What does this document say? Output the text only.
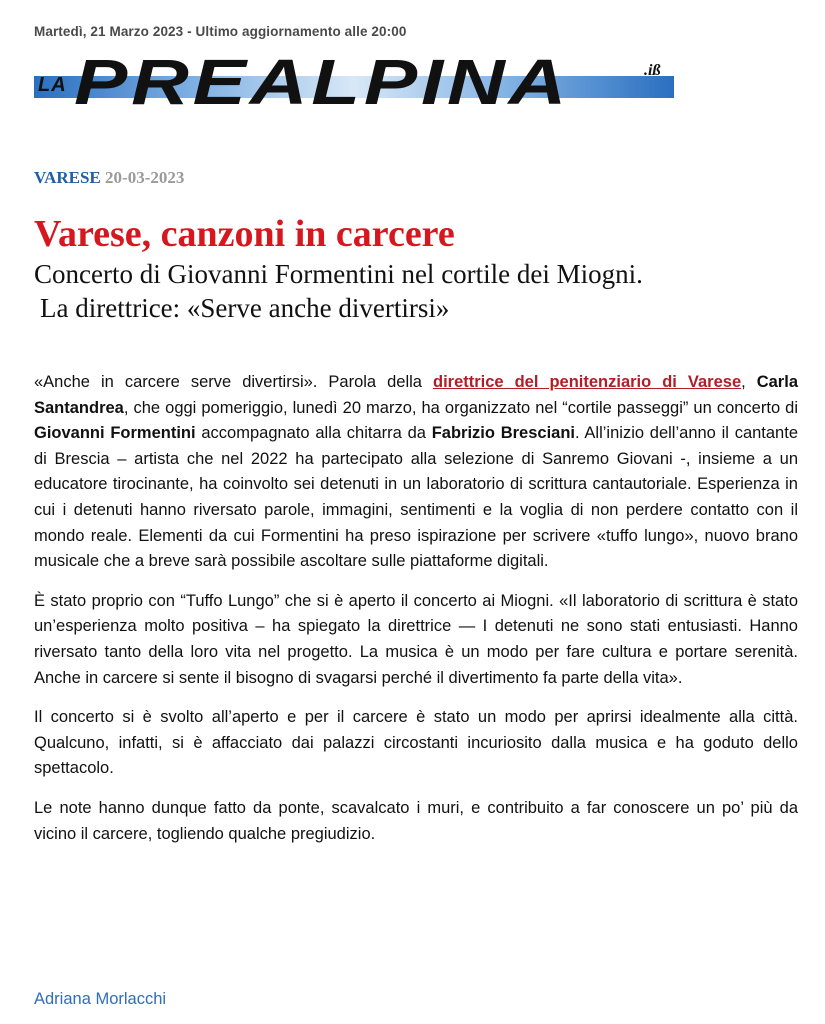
Martedì, 21 Marzo 2023 - Ultimo aggiornamento alle 20:00
LA PREALPINA	.iß
VARESE 20-03-2023
Varese, canzoni in carcere
Concerto di Giovanni Formentini nel cortile dei Miogni.
La direttrice: «Serve anche divertirsi»

«Anche in carcere serve divertirsi». Parola della direttrice del penitenziario di Varese, Carla Santandrea, che oggi pomeriggio, lunedì 20 marzo, ha organizzato nel “cortile passeggi” un concerto di Giovanni Formentini accompagnato alla chitarra da Fabrizio Bresciani. All’inizio dell’anno il cantante di Brescia – artista che nel 2022 ha partecipato alla selezione di Sanremo Giovani -, insieme a un educatore tirocinante, ha coinvolto sei detenuti in un laboratorio di scrittura cantautoriale. Esperienza in cui i detenuti hanno riversato parole, immagini, sentimenti e la voglia di non perdere contatto con il mondo reale. Elementi da cui Formentini ha preso ispirazione per scrivere «tuffo lungo», nuovo brano musicale che a breve sarà possibile ascoltare sulle piattaforme digitali.

È stato proprio con “Tuffo Lungo” che si è aperto il concerto ai Miogni. «Il laboratorio di scrittura è stato un’esperienza molto positiva – ha spiegato la direttrice — I detenuti ne sono stati entusiasti. Hanno riversato tanto della loro vita nel progetto. La musica è un modo per fare cultura e portare serenità. Anche in carcere si sente il bisogno di svagarsi perché il divertimento fa parte della vita».

Il concerto si è svolto all’aperto e per il carcere è stato un modo per aprirsi idealmente alla città. Qualcuno, infatti, si è affacciato dai palazzi circostanti incuriosito dalla musica e ha goduto dello spettacolo.

Le note hanno dunque fatto da ponte, scavalcato i muri, e contribuito a far conoscere un po’ più da vicino il carcere, togliendo qualche pregiudizio.

Adriana Morlacchi
